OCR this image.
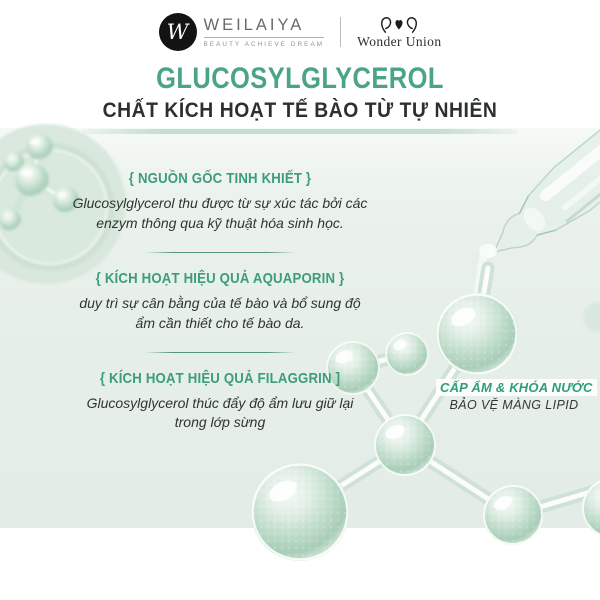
W WEILAIYA
BEAUTY ACHIEVE DREAM Wonder Union
GLUCOSYLGLYCEROL
CHẤT KÍCH HOẠT TẾ BÀO TỪ TỰ NHIÊN
{ NGUỒN GỐC TINH KHIẾT }

Glucosylglycerol thu được từ sự xúc tác bởi các enzym thông qua kỹ thuật hóa sinh học.

{ KÍCH HOẠT HIỆU QUẢ AQUAPORIN }

duy trì sự cân bằng của tế bào và bổ sung độ ẩm cần thiết cho tế bào da.

{ KÍCH HOẠT HIỆU QUẢ FILAGGRIN ]

Glucosylglycerol thúc đẩy độ ẩm lưu giữ lại trong lớp sừng

CẤP ẨM & KHÓA NƯỚC
BẢO VỆ MÀNG LIPID
